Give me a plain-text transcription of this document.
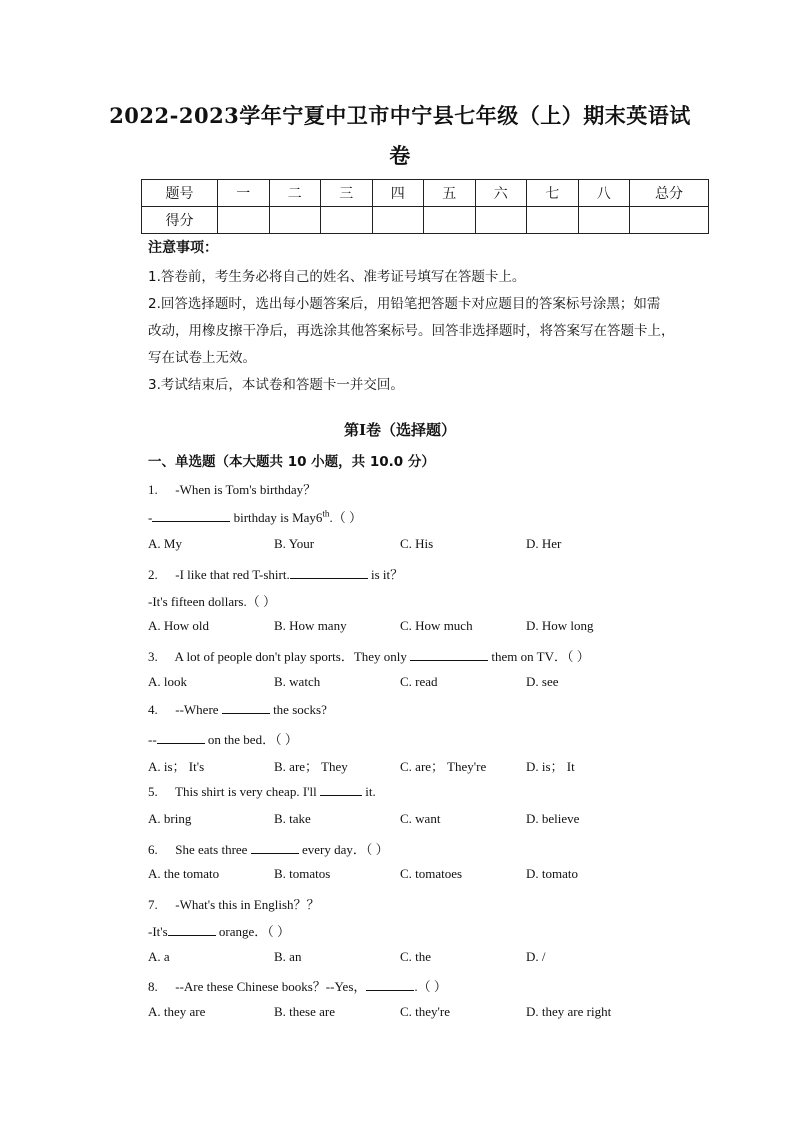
2022-2023学年宁夏中卫市中宁县七年级（上）期末英语试
卷
题号	一	二	三	四	五	六	七	八	总分
得分									
注意事项：
1.答卷前，考生务必将自己的姓名、准考证号填写在答题卡上。
2.回答选择题时，选出每小题答案后，用铅笔把答题卡对应题目的答案标号涂黑；如需
改动，用橡皮擦干净后，再选涂其他答案标号。回答非选择题时，将答案写在答题卡上，
写在试卷上无效。
3.考试结束后，本试卷和答题卡一并交回。
第I卷（选择题）
一、单选题（本大题共 10 小题，共 10.0 分）
1. -When is Tom's birthday？
-	birthday is May6th.（ ）
A. My	B. Your	C. His	D. Her
2. -I like that red T-shirt.	is it？
-It's fifteen dollars.（ ）
A. How old	B. How many	C. How much	D. How long
3. A lot of people don't play sports．They only	them on TV．（ ）
A. look	B. watch	C. read	D. see
4. --Where	the socks?
--	on the bed．（ ）
A. is； It's	B. are； They	C. are； They're	D. is； It
5. This shirt is very cheap. I'll	it.
A. bring	B. take	C. want	D. believe
6. She eats three	every day．（ ）
A. the tomato	B. tomatos	C. tomatoes	D. tomato
7. -What's this in English？？
-It's	orange．（ ）
A. a	B. an	C. the	D. /
8. --Are these Chinese books？--Yes，	.（ ）
A. they are	B. these are	C. they're	D. they are right
